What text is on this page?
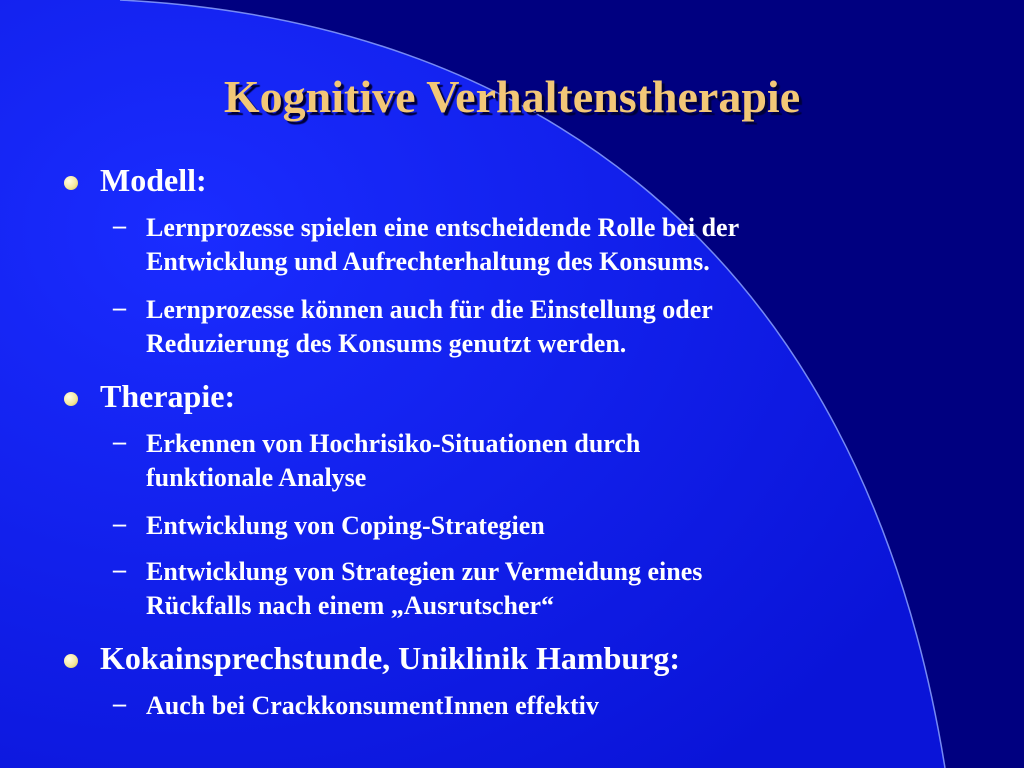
Kognitive Verhaltenstherapie
Modell:
– Lernprozesse spielen eine entscheidende Rolle bei der
Entwicklung und Aufrechterhaltung des Konsums.
– Lernprozesse können auch für die Einstellung oder
Reduzierung des Konsums genutzt werden.
Therapie:
– Erkennen von Hochrisiko-Situationen durch
funktionale Analyse
– Entwicklung von Coping-Strategien
– Entwicklung von Strategien zur Vermeidung eines
Rückfalls nach einem „Ausrutscher“
Kokainsprechstunde, Uniklinik Hamburg:
– Auch bei CrackkonsumentInnen effektiv
